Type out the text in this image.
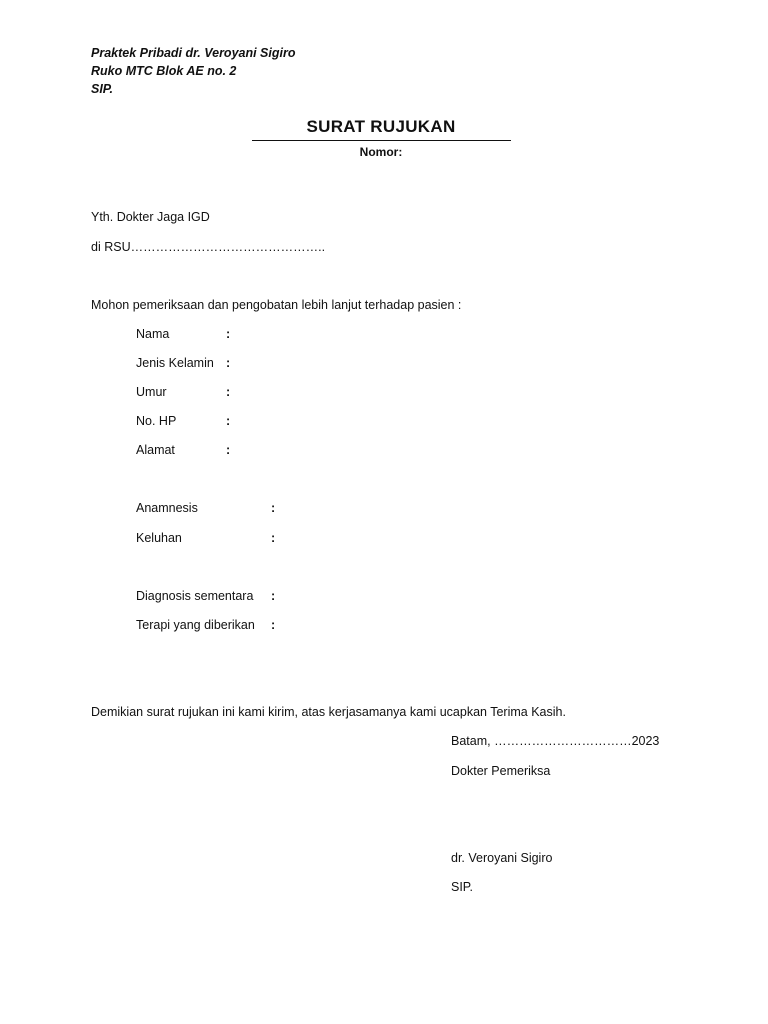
Praktek Pribadi dr. Veroyani Sigiro
Ruko MTC Blok AE no. 2
SIP.
SURAT RUJUKAN
Nomor:
Yth. Dokter Jaga IGD
di RSU………………………………………..
Mohon pemeriksaan dan pengobatan lebih lanjut terhadap pasien :
Nama	:
Jenis Kelamin :
Umur	:
No. HP	:
Alamat	:
Anamnesis	:
Keluhan	:
Diagnosis sementara :
Terapi yang diberikan :
Demikian surat rujukan ini kami kirim, atas kerjasamanya kami ucapkan Terima Kasih.
Batam, ……………………………2023
Dokter Pemeriksa
dr. Veroyani Sigiro
SIP.
